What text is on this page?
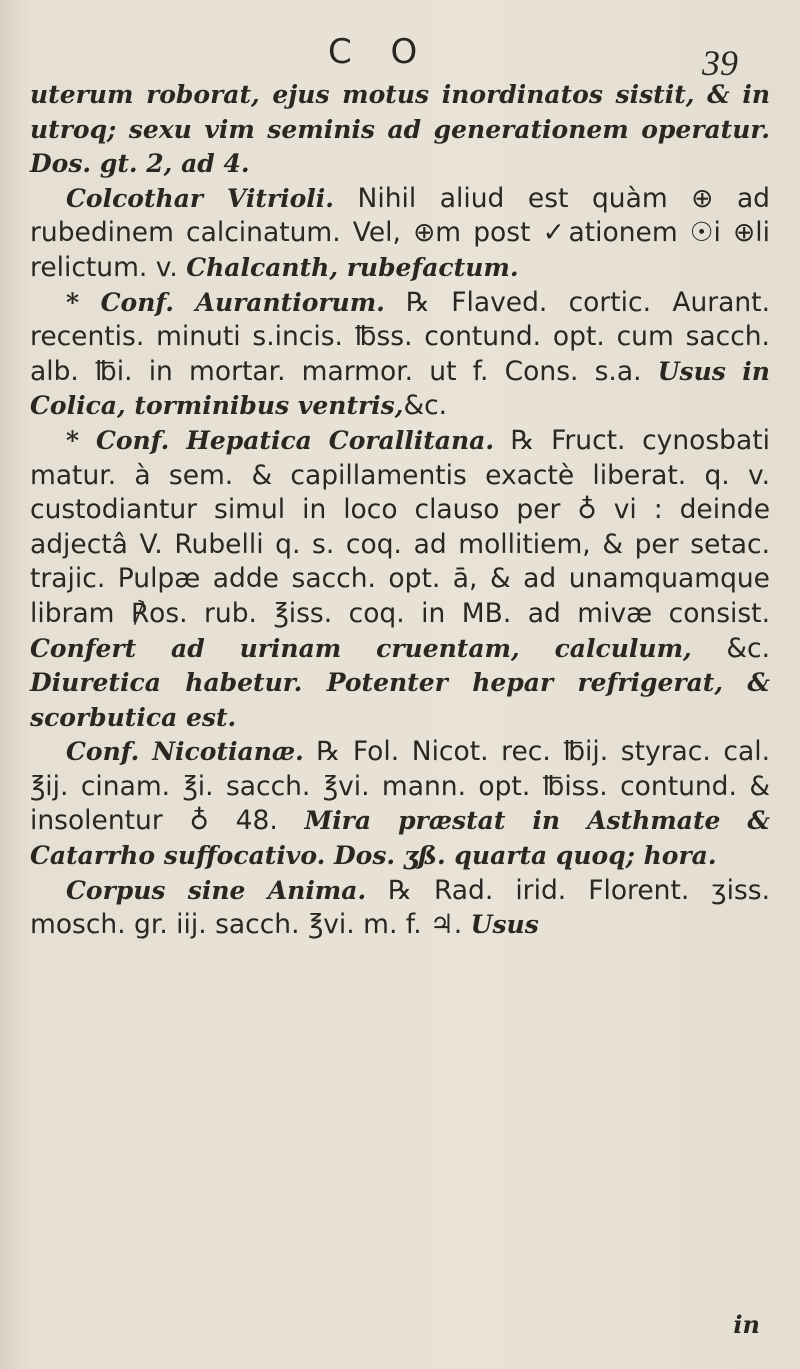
C O	39

uterum roborat, ejus motus inordinatos sistit, & in utroq; sexu vim seminis ad generationem operatur. Dos. gt. 2, ad 4.

Colcothar Vitrioli. Nihil aliud est quàm ⊕ ad rubedinem calcinatum. Vel, ⊕m post ✓ationem ☉i ⊕li relictum. v. Chalcanth, rubefactum.

* Conf. Aurantiorum. ℞ Flaved. cortic. Aurant. recentis. minuti s.incis. ℔ss. contund. opt. cum sacch. alb. ℔i. in mortar. marmor. ut f. Cons. s.a. Usus in Colica, torminibus ventris,&c.

* Conf. Hepatica Corallitana. ℞ Fruct. cynosbati matur. à sem. & capillamentis exactè liberat. q. v. custodiantur simul in loco clauso per ♁ vi : deinde adjectâ V. Rubelli q. s. coq. ad mollitiem, & per setac. trajic. Pulpæ adde sacch. opt. ā, & ad unamquamque libram ℟os. rub. ℥iss. coq. in MB. ad mivæ consist. Confert ad urinam cruentam, calculum, &c. Diuretica habetur. Potenter hepar refrigerat, & scorbutica est.

Conf. Nicotianæ. ℞ Fol. Nicot. rec. ℔ij. styrac. cal. ℥ij. cinam. ℥i. sacch. ℥vi. mann. opt. ℔iss. contund. & insolentur ♁ 48. Mira præstat in Asthmate & Catarrho suffocativo. Dos. ʒß. quarta quoq; hora.

Corpus sine Anima. ℞ Rad. irid. Florent. ʒiss. mosch. gr. iij. sacch. ℥vi. m. f. ♃. Usus

in
